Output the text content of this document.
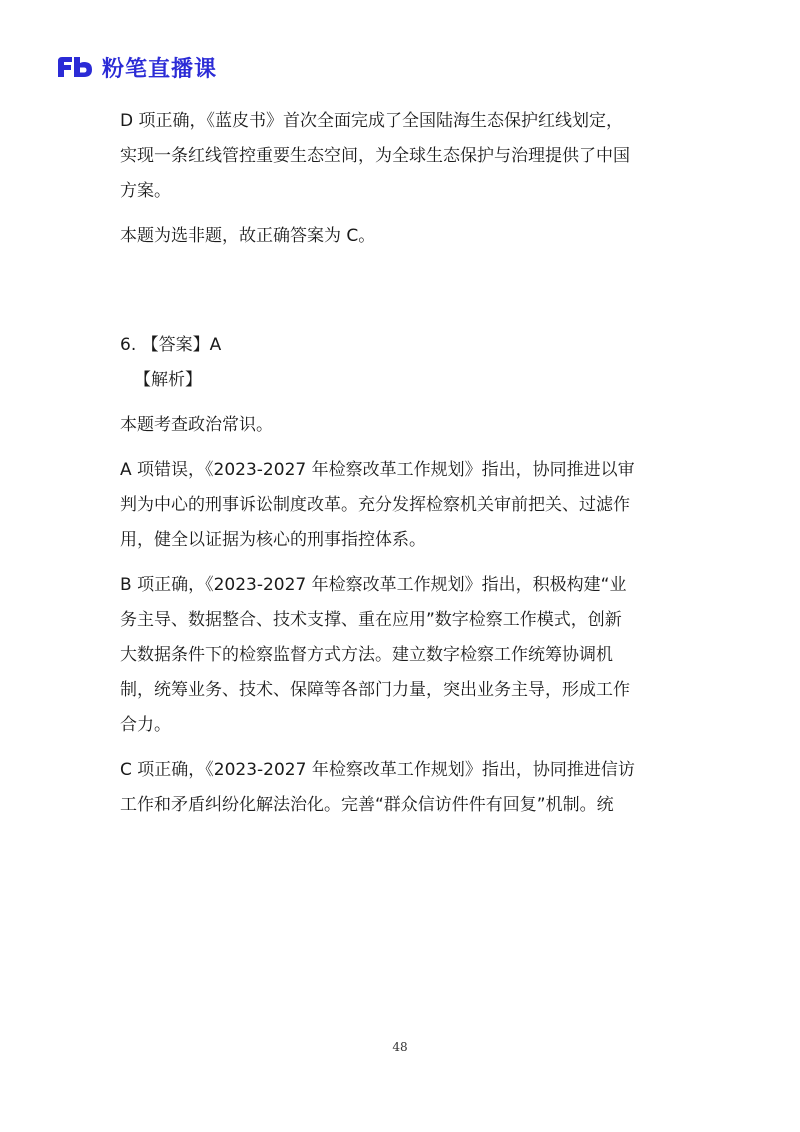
粉笔直播课

D 项正确，《蓝皮书》首次全面完成了全国陆海生态保护红线划定，

实现一条红线管控重要生态空间，为全球生态保护与治理提供了中国

方案。

本题为选非题，故正确答案为 C。

6. 【答案】A

【解析】

本题考查政治常识。

A 项错误，《2023-2027 年检察改革工作规划》指出，协同推进以审

判为中心的刑事诉讼制度改革。充分发挥检察机关审前把关、过滤作

用，健全以证据为核心的刑事指控体系。

B 项正确，《2023-2027 年检察改革工作规划》指出，积极构建“业

务主导、数据整合、技术支撑、重在应用”数字检察工作模式，创新

大数据条件下的检察监督方式方法。建立数字检察工作统筹协调机

制，统筹业务、技术、保障等各部门力量，突出业务主导，形成工作

合力。

C 项正确，《2023-2027 年检察改革工作规划》指出，协同推进信访

工作和矛盾纠纷化解法治化。完善“群众信访件件有回复”机制。统

48
